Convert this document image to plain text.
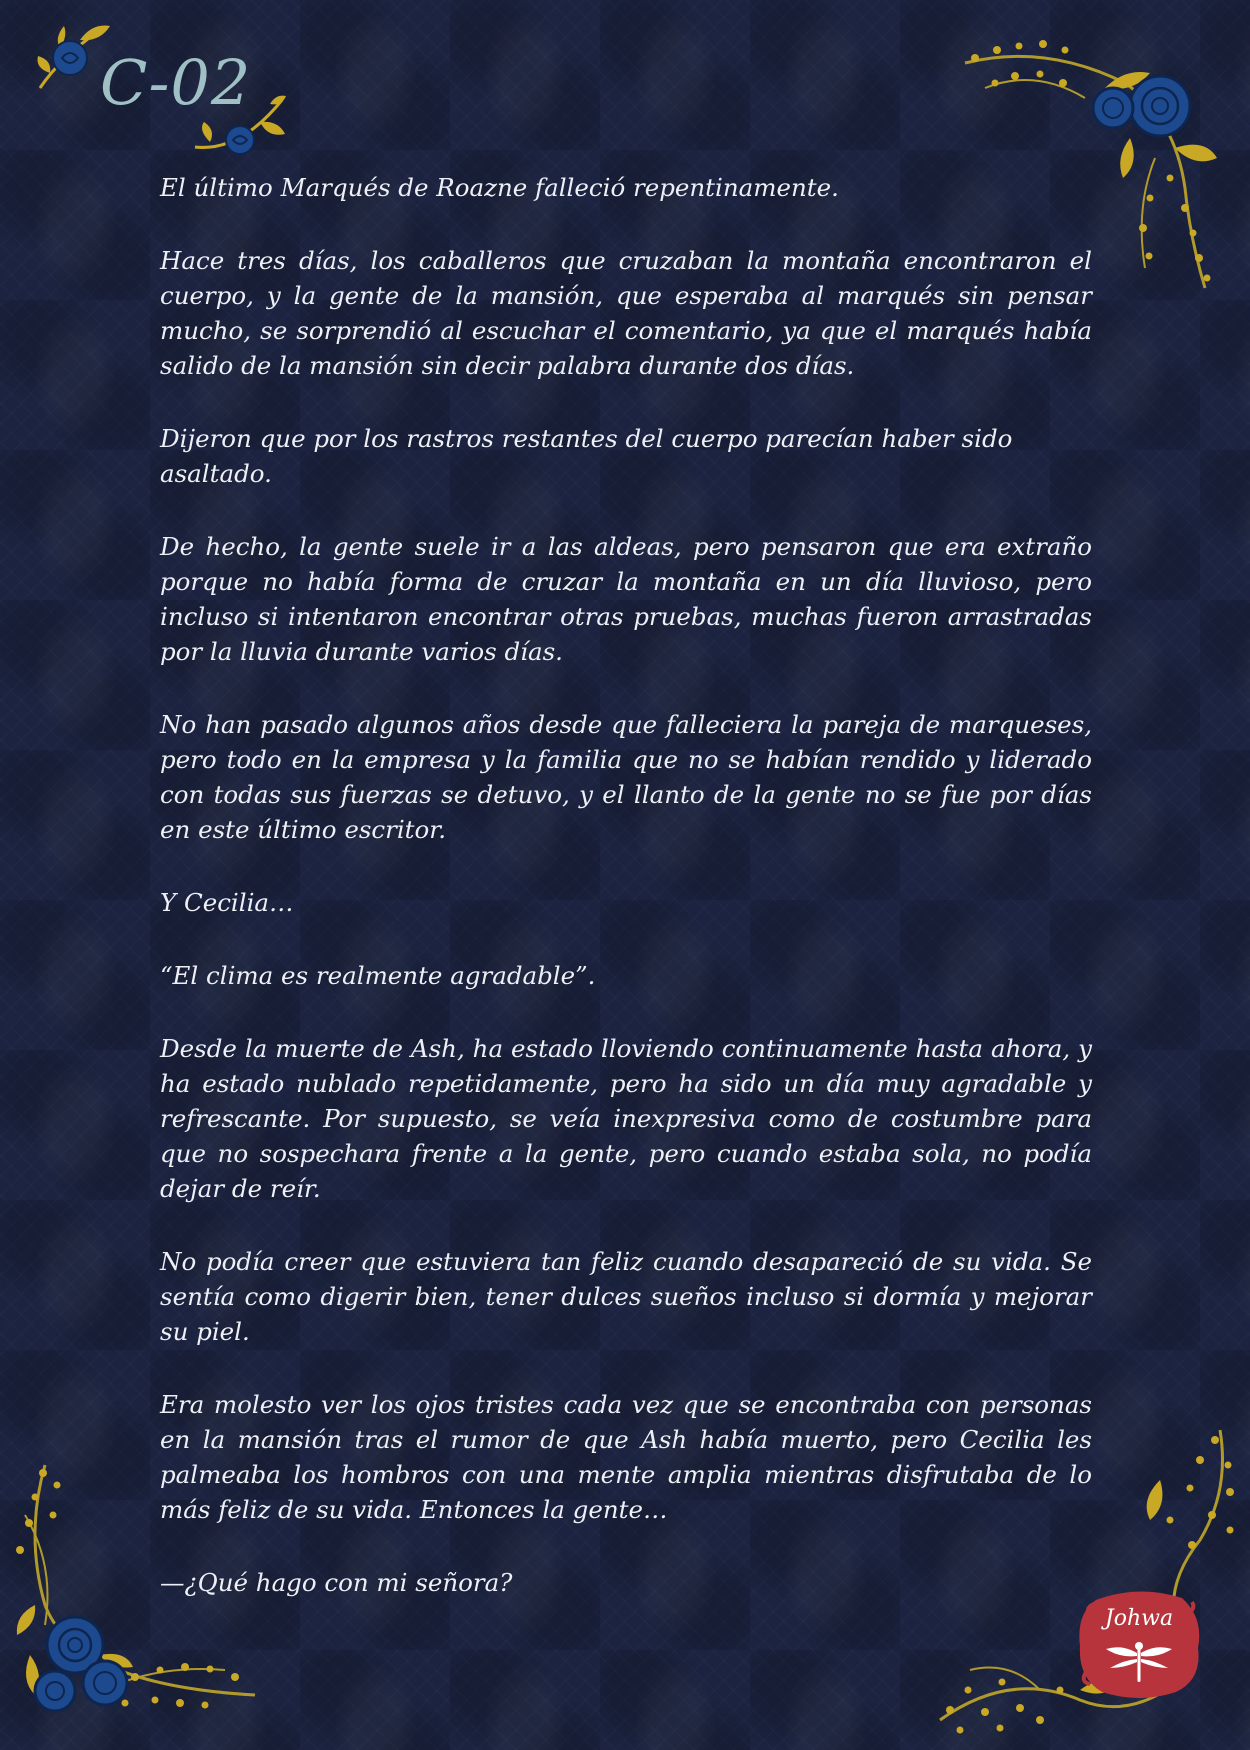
C-02

El último Marqués de Roazne falleció repentinamente.

Hace tres días, los caballeros que cruzaban la montaña encontraron el cuerpo, y la gente de la mansión, que esperaba al marqués sin pensar mucho, se sorprendió al escuchar el comentario, ya que el marqués había salido de la mansión sin decir palabra durante dos días.

Dijeron que por los rastros restantes del cuerpo parecían haber sido asaltado.

De hecho, la gente suele ir a las aldeas, pero pensaron que era extraño porque no había forma de cruzar la montaña en un día lluvioso, pero incluso si intentaron encontrar otras pruebas, muchas fueron arrastradas por la lluvia durante varios días.

No han pasado algunos años desde que falleciera la pareja de marqueses, pero todo en la empresa y la familia que no se habían rendido y liderado con todas sus fuerzas se detuvo, y el llanto de la gente no se fue por días en este último escritor.

Y Cecilia…

“El clima es realmente agradable”.

Desde la muerte de Ash, ha estado lloviendo continuamente hasta ahora, y ha estado nublado repetidamente, pero ha sido un día muy agradable y refrescante. Por supuesto, se veía inexpresiva como de costumbre para que no sospechara frente a la gente, pero cuando estaba sola, no podía dejar de reír.

No podía creer que estuviera tan feliz cuando desapareció de su vida. Se sentía como digerir bien, tener dulces sueños incluso si dormía y mejorar su piel.

Era molesto ver los ojos tristes cada vez que se encontraba con personas en la mansión tras el rumor de que Ash había muerto, pero Cecilia les palmeaba los hombros con una mente amplia mientras disfrutaba de lo más feliz de su vida. Entonces la gente…

—¿Qué hago con mi señora?

Johwa
